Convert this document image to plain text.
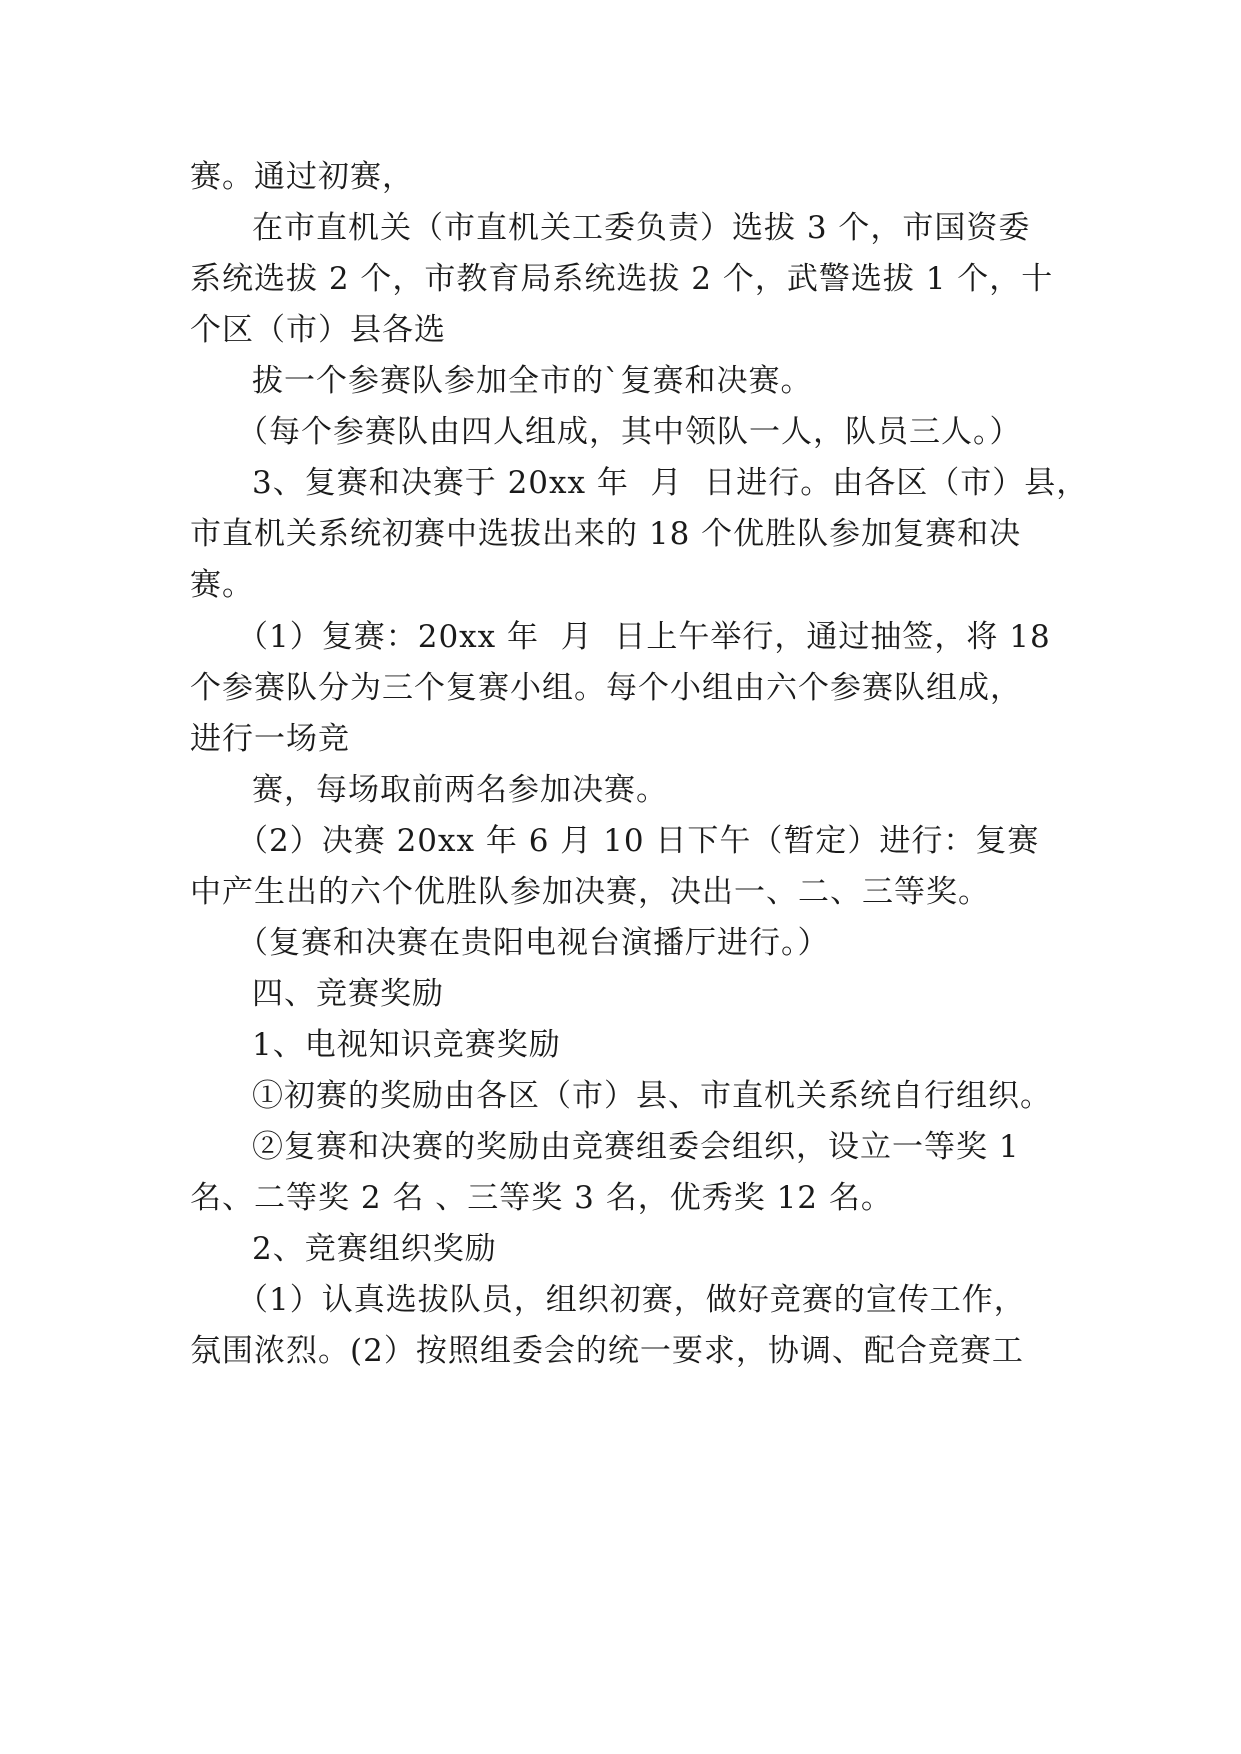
赛。通过初赛，
在市直机关（市直机关工委负责）选拔 3 个，市国资委
系统选拔 2 个，市教育局系统选拔 2 个，武警选拔 1 个，十
个区（市）县各选
拔一个参赛队参加全市的`复赛和决赛。
（每个参赛队由四人组成，其中领队一人，队员三人。）
3、复赛和决赛于 20xx 年  月  日进行。由各区（市）县，
市直机关系统初赛中选拔出来的 18 个优胜队参加复赛和决
赛。
（1）复赛：20xx 年  月  日上午举行，通过抽签，将 18
个参赛队分为三个复赛小组。每个小组由六个参赛队组成，
进行一场竞
赛，每场取前两名参加决赛。
（2）决赛 20xx 年 6 月 10 日下午（暂定）进行：复赛
中产生出的六个优胜队参加决赛，决出一、二、三等奖。
（复赛和决赛在贵阳电视台演播厅进行。）
四、竞赛奖励
1、电视知识竞赛奖励
①初赛的奖励由各区（市）县、市直机关系统自行组织。
②复赛和决赛的奖励由竞赛组委会组织，设立一等奖 1
名、二等奖 2 名 、三等奖 3 名，优秀奖 12 名。
2、竞赛组织奖励
（1）认真选拔队员，组织初赛，做好竞赛的宣传工作，
氛围浓烈。(2）按照组委会的统一要求，协调、配合竞赛工
